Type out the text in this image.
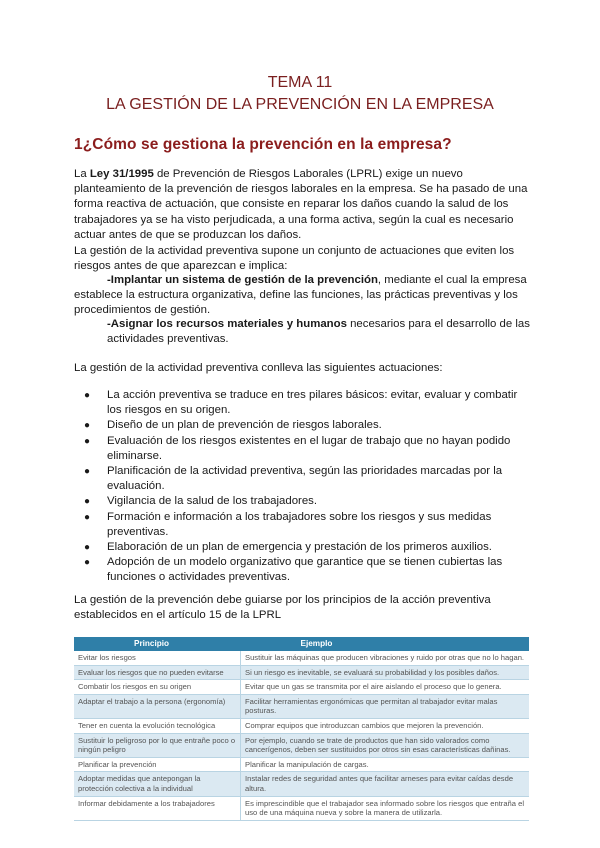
TEMA 11
LA GESTIÓN DE LA PREVENCIÓN EN LA EMPRESA
1¿Cómo se gestiona la prevención en la empresa?

La Ley 31/1995 de Prevención de Riesgos Laborales (LPRL) exige un nuevo planteamiento de la prevención de riesgos laborales en la empresa. Se ha pasado de una forma reactiva de actuación, que consiste en reparar los daños cuando la salud de los trabajadores ya se ha visto perjudicada, a una forma activa, según la cual es necesario actuar antes de que se produzcan los daños.

La gestión de la actividad preventiva supone un conjunto de actuaciones que eviten los riesgos antes de que aparezcan e implica:

-Implantar un sistema de gestión de la prevención, mediante el cual la empresa establece la estructura organizativa, define las funciones, las prácticas preventivas y los procedimientos de gestión.

-Asignar los recursos materiales y humanos necesarios para el desarrollo de las actividades preventivas.

La gestión de la actividad preventiva conlleva las siguientes actuaciones:

● La acción preventiva se traduce en tres pilares básicos: evitar, evaluar y combatir los riesgos en su origen.
● Diseño de un plan de prevención de riesgos laborales.
● Evaluación de los riesgos existentes en el lugar de trabajo que no hayan podido eliminarse.
● Planificación de la actividad preventiva, según las prioridades marcadas por la evaluación.
● Vigilancia de la salud de los trabajadores.
● Formación e información a los trabajadores sobre los riesgos y sus medidas preventivas.
● Elaboración de un plan de emergencia y prestación de los primeros auxilios.
● Adopción de un modelo organizativo que garantice que se tienen cubiertas las funciones o actividades preventivas.

La gestión de la prevención debe guiarse por los principios de la acción preventiva establecidos en el artículo 15 de la LPRL

Principio	Ejemplo
Evitar los riesgos	Sustituir las máquinas que producen vibraciones y ruido por otras que no lo hagan.
Evaluar los riesgos que no pueden evitarse	Si un riesgo es inevitable, se evaluará su probabilidad y los posibles daños.
Combatir los riesgos en su origen	Evitar que un gas se transmita por el aire aislando el proceso que lo genera.
Adaptar el trabajo a la persona (ergonomía)	Facilitar herramientas ergonómicas que permitan al trabajador evitar malas posturas.
Tener en cuenta la evolución tecnológica	Comprar equipos que introduzcan cambios que mejoren la prevención.
Sustituir lo peligroso por lo que entrañe poco o ningún peligro	Por ejemplo, cuando se trate de productos que han sido valorados como cancerígenos, deben ser sustituidos por otros sin esas características dañinas.
Planificar la prevención	Planificar la manipulación de cargas.
Adoptar medidas que antepongan la protección colectiva a la individual	Instalar redes de seguridad antes que facilitar arneses para evitar caídas desde altura.
Informar debidamente a los trabajadores	Es imprescindible que el trabajador sea informado sobre los riesgos que entraña el uso de una máquina nueva y sobre la manera de utilizarla.
